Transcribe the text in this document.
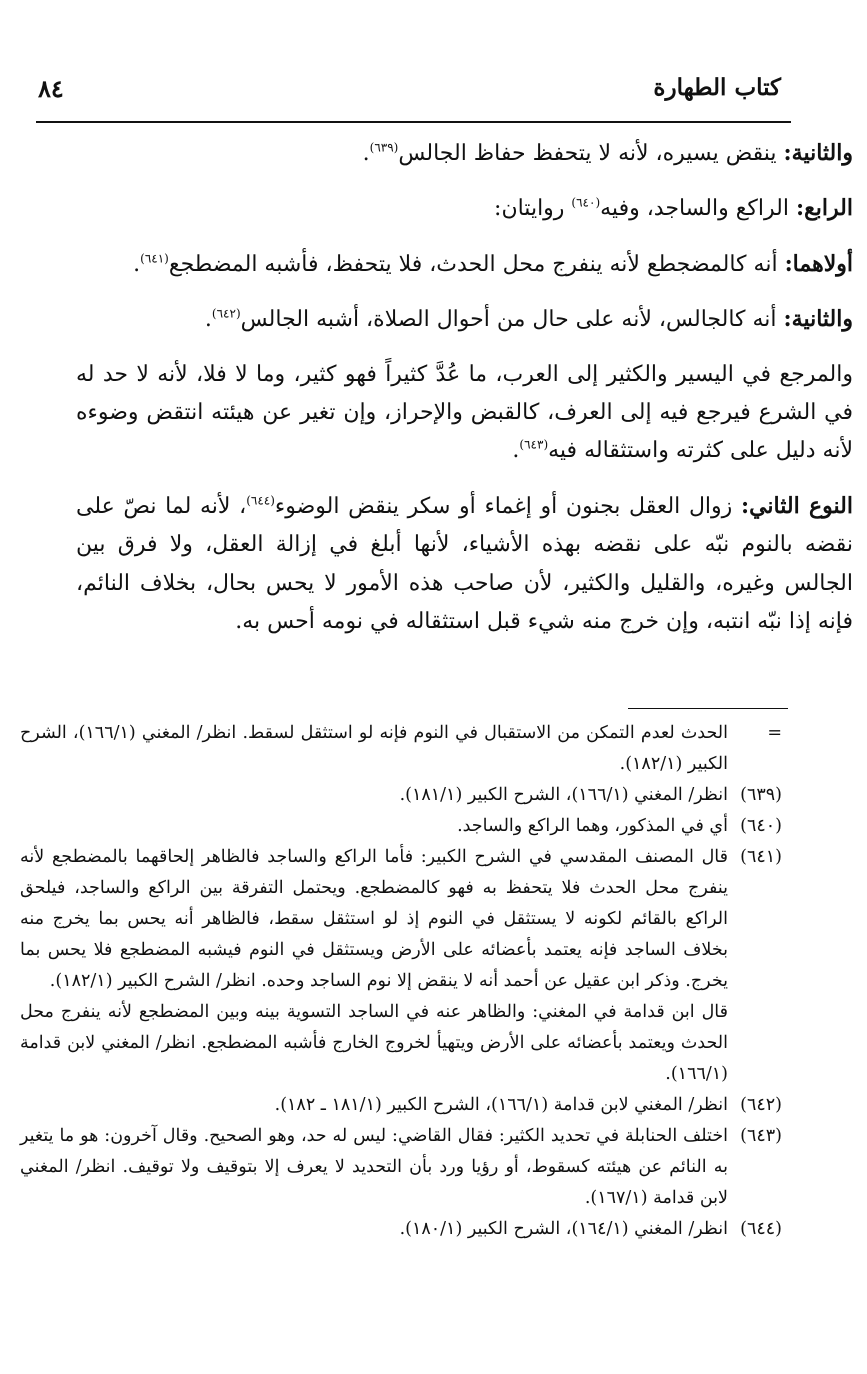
كتاب الطهارة
٨٤

والثانية: ينقض يسيره، لأنه لا يتحفظ حفاظ الجالس$^{(٦٣٩)}$.

الرابع: الراكع والساجد، وفيه$^{(٦٤٠)}$ روايتان:

أولاهما: أنه كالمضجطع لأنه ينفرج محل الحدث، فلا يتحفظ، فأشبه المضطجع$^{(٦٤١)}$.

والثانية: أنه كالجالس، لأنه على حال من أحوال الصلاة، أشبه الجالس$^{(٦٤٢)}$.

والمرجع في اليسير والكثير إلى العرب، ما عُدَّ كثيراً فهو كثير، وما لا فلا، لأنه لا حد له في الشرع فيرجع فيه إلى العرف، كالقبض والإحراز، وإن تغير عن هيئته انتقض وضوءه لأنه دليل على كثرته واستثقاله فيه$^{(٦٤٣)}$.

النوع الثاني: زوال العقل بجنون أو إغماء أو سكر ينقض الوضوء$^{(٦٤٤)}$، لأنه لما نصّ على نقضه بالنوم نبّه على نقضه بهذه الأشياء، لأنها أبلغ في إزالة العقل، ولا فرق بين الجالس وغيره، والقليل والكثير، لأن صاحب هذه الأمور لا يحس بحال، بخلاف النائم، فإنه إذا نبّه انتبه، وإن خرج منه شيء قبل استثقاله في نومه أحس به.

=
الحدث لعدم التمكن من الاستقبال في النوم فإنه لو استثقل لسقط. انظر/ المغني (١٦٦/١)، الشرح الكبير (١٨٢/١).
(٦٣٩)
انظر/ المغني (١٦٦/١)، الشرح الكبير (١٨١/١).
(٦٤٠)
أي في المذكور، وهما الراكع والساجد.
(٦٤١)
قال المصنف المقدسي في الشرح الكبير: فأما الراكع والساجد فالظاهر إلحاقهما بالمضطجع لأنه ينفرج محل الحدث فلا يتحفظ به فهو كالمضطجع. ويحتمل التفرقة بين الراكع والساجد، فيلحق الراكع بالقائم لكونه لا يستثقل في النوم إذ لو استثقل سقط، فالظاهر أنه يحس بما يخرج منه بخلاف الساجد فإنه يعتمد بأعضائه على الأرض ويستثقل في النوم فيشبه المضطجع فلا يحس بما يخرج. وذكر ابن عقيل عن أحمد أنه لا ينقض إلا نوم الساجد وحده. انظر/ الشرح الكبير (١٨٢/١).
قال ابن قدامة في المغني: والظاهر عنه في الساجد التسوية بينه وبين المضطجع لأنه ينفرج محل الحدث ويعتمد بأعضائه على الأرض ويتهيأ لخروج الخارج فأشبه المضطجع. انظر/ المغني لابن قدامة (١٦٦/١).
(٦٤٢)
انظر/ المغني لابن قدامة (١٦٦/١)، الشرح الكبير (١٨١/١ ـ ١٨٢).
(٦٤٣)
اختلف الحنابلة في تحديد الكثير: فقال القاضي: ليس له حد، وهو الصحيح. وقال آخرون: هو ما يتغير به النائم عن هيئته كسقوط، أو رؤيا ورد بأن التحديد لا يعرف إلا بتوقيف ولا توقيف. انظر/ المغني لابن قدامة (١٦٧/١).
(٦٤٤)
انظر/ المغني (١٦٤/١)، الشرح الكبير (١٨٠/١).
